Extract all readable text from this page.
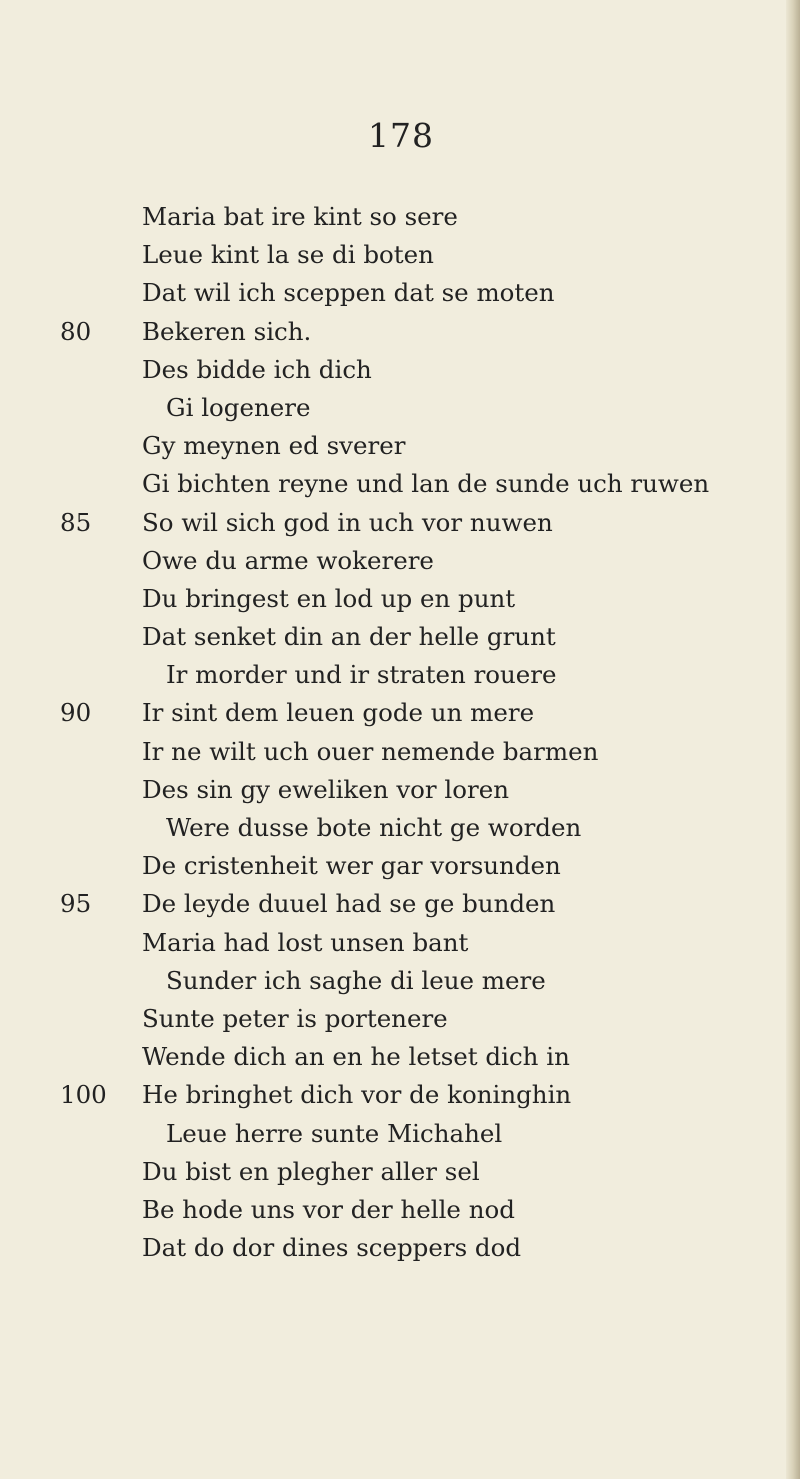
178
Maria bat ire kint so sere
Leue kint la se di boten
Dat wil ich sceppen dat se moten
80	Bekeren sich.
Des bidde ich dich
Gi logenere
Gy meynen ed sverer
Gi bichten reyne und lan de sunde uch ruwen
85	So wil sich god in uch vor nuwen
Owe du arme wokerere
Du bringest en lod up en punt
Dat senket din an der helle grunt
Ir morder und ir straten rouere
90	Ir sint dem leuen gode un mere
Ir ne wilt uch ouer nemende barmen
Des sin gy eweliken vor loren
Were dusse bote nicht ge worden
De cristenheit wer gar vorsunden
95	De leyde duuel had se ge bunden
Maria had lost unsen bant
Sunder ich saghe di leue mere
Sunte peter is portenere
Wende dich an en he letset dich in
100	He bringhet dich vor de koninghin
Leue herre sunte Michahel
Du bist en plegher aller sel
Be hode uns vor der helle nod
Dat do dor dines sceppers dod
